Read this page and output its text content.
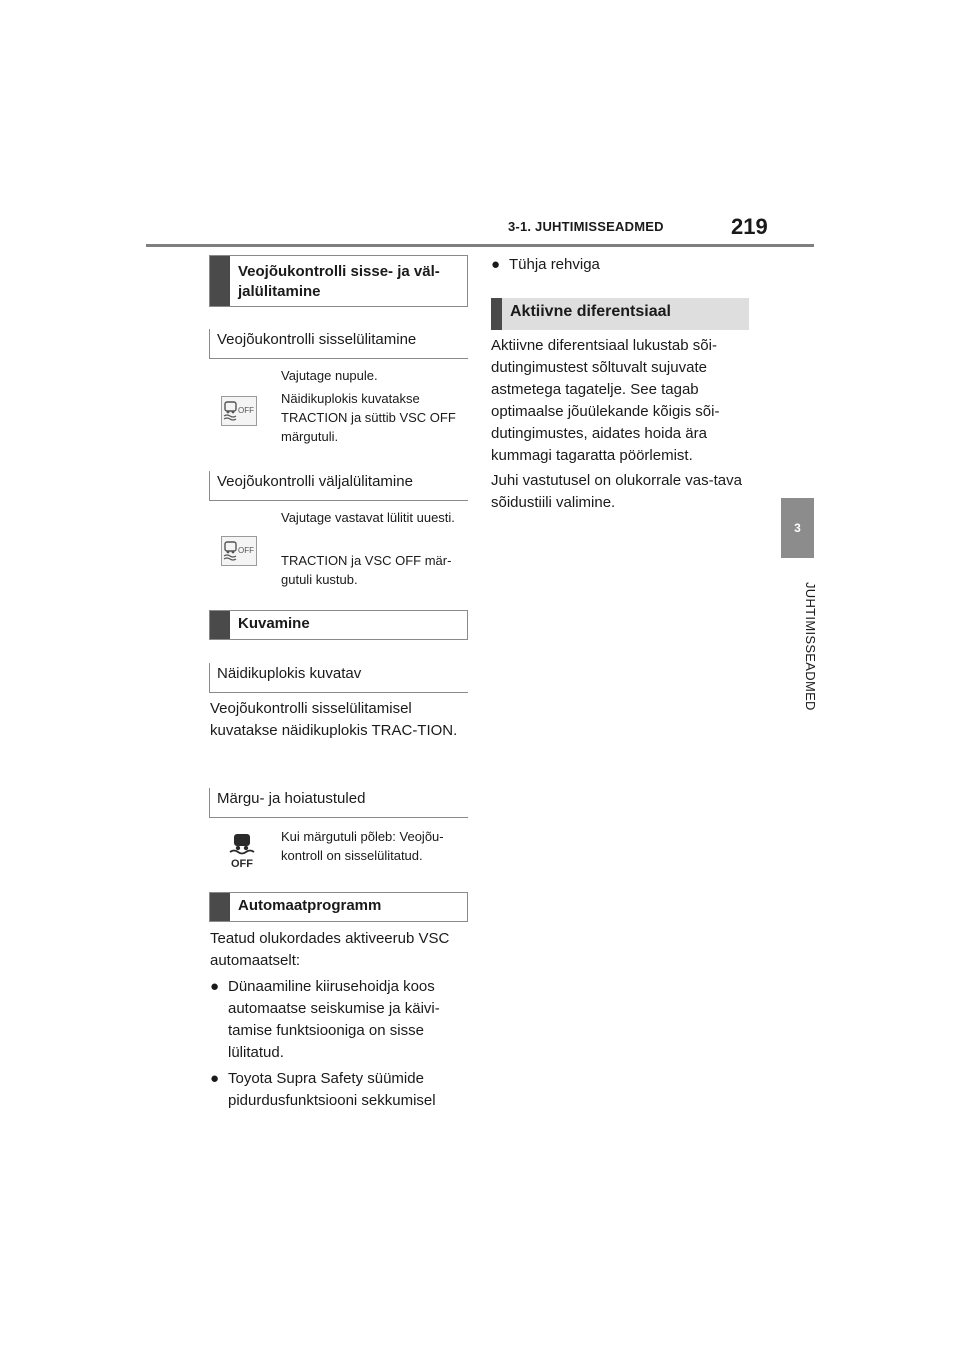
3-1. JUHTIMISSEADMED	219
3
JUHTIMISSEADMED
Veojõukontrolli sisse- ja väl-jalülitamine
Veojõukontrolli sisselülitamine
OFF
Vajutage nupule.
Näidikuplokis kuvatakse TRACTION ja süttib VSC OFF märgutuli.
Veojõukontrolli väljalülitamine
OFF
Vajutage vastavat lülitit uuesti.
TRACTION ja VSC OFF mär-gutuli kustub.
Kuvamine
Näidikuplokis kuvatav
Veojõukontrolli sisselülitamisel kuvatakse näidikuplokis TRAC-TION.
Märgu- ja hoiatustuled
OFF
Kui märgutuli põleb: Veojõu-kontroll on sisselülitatud.
Automaatprogramm
Teatud olukordades aktiveerub VSC automaatselt:
● Dünaamiline kiirusehoidja koos automaatse seiskumise ja käivi-tamise funktsiooniga on sisse lülitatud.
● Toyota Supra Safety süümide pidurdusfunktsiooni sekkumisel
● Tühja rehviga
Aktiivne diferentsiaal
Aktiivne diferentsiaal lukustab sõi-dutingimustest sõltuvalt sujuvate astmetega tagatelje. See tagab optimaalse jõuülekande kõigis sõi-dutingimustes, aidates hoida ära kummagi tagaratta pöörlemist.
Juhi vastutusel on olukorrale vas-tava sõidustiili valimine.
